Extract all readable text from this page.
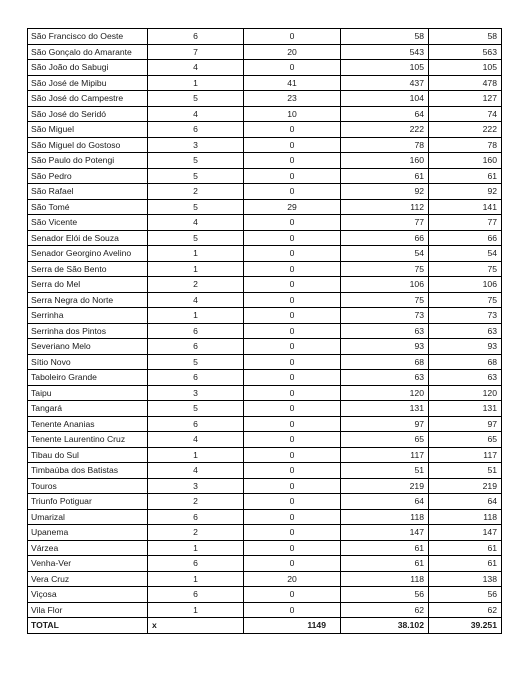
São Francisco do Oeste	6	0	58	58
São Gonçalo do Amarante	7	20	543	563
São João do Sabugi	4	0	105	105
São José de Mipibu	1	41	437	478
São José do Campestre	5	23	104	127
São José do Seridó	4	10	64	74
São Miguel	6	0	222	222
São Miguel do Gostoso	3	0	78	78
São Paulo do Potengi	5	0	160	160
São Pedro	5	0	61	61
São Rafael	2	0	92	92
São Tomé	5	29	112	141
São Vicente	4	0	77	77
Senador Elói de Souza	5	0	66	66
Senador Georgino Avelino	1	0	54	54
Serra de São Bento	1	0	75	75
Serra do Mel	2	0	106	106
Serra Negra do Norte	4	0	75	75
Serrinha	1	0	73	73
Serrinha dos Pintos	6	0	63	63
Severiano Melo	6	0	93	93
Sítio Novo	5	0	68	68
Taboleiro Grande	6	0	63	63
Taipu	3	0	120	120
Tangará	5	0	131	131
Tenente Ananias	6	0	97	97
Tenente Laurentino Cruz	4	0	65	65
Tibau do Sul	1	0	117	117
Timbaúba dos Batistas	4	0	51	51
Touros	3	0	219	219
Triunfo Potiguar	2	0	64	64
Umarizal	6	0	118	118
Upanema	2	0	147	147
Várzea	1	0	61	61
Venha-Ver	6	0	61	61
Vera Cruz	1	20	118	138
Viçosa	6	0	56	56
Vila Flor	1	0	62	62
TOTAL	x	1149	38.102	39.251
